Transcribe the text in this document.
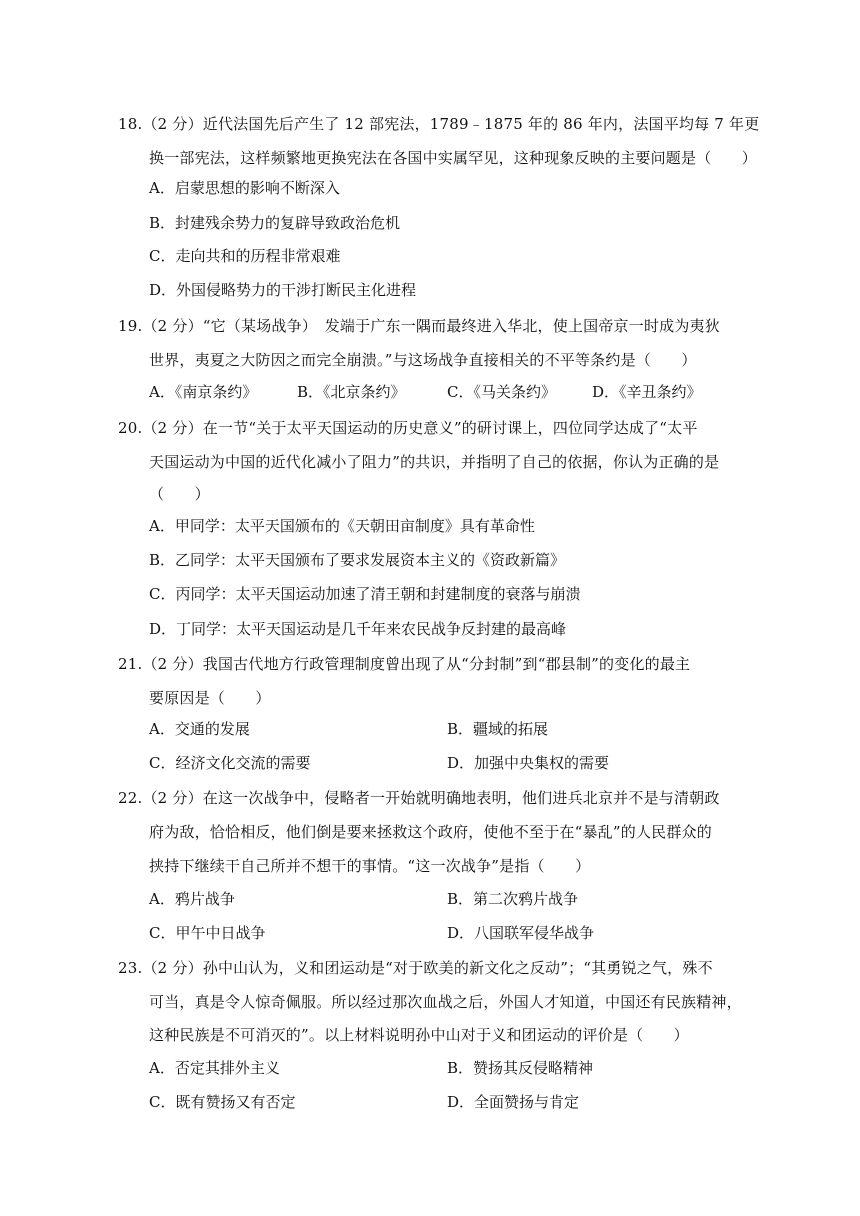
18.（2 分）近代法国先后产生了 12 部宪法，1789﹣1875 年的 86 年内，法国平均每 7 年更
换一部宪法，这样频繁地更换宪法在各国中实属罕见，这种现象反映的主要问题是（　　）
A．启蒙思想的影响不断深入
B．封建残余势力的复辟导致政治危机
C．走向共和的历程非常艰难
D．外国侵略势力的干涉打断民主化进程
19.（2 分）“它（某场战争）　发端于广东一隅而最终进入华北，使上国帝京一时成为夷狄
世界，夷夏之大防因之而完全崩溃。”与这场战争直接相关的不平等条约是（　　）
A．《南京条约》	B．《北京条约》	C．《马关条约》 D．《辛丑条约》
20.（2 分）在一节“关于太平天国运动的历史意义”的研讨课上，四位同学达成了“太平
天国运动为中国的近代化减小了阻力”的共识，并指明了自己的依据，你认为正确的是
（　　）
A．甲同学：太平天国颁布的《天朝田亩制度》具有革命性
B．乙同学：太平天国颁布了要求发展资本主义的《资政新篇》
C．丙同学：太平天国运动加速了清王朝和封建制度的衰落与崩溃
D．丁同学：太平天国运动是几千年来农民战争反封建的最高峰
21.（2 分）我国古代地方行政管理制度曾出现了从“分封制”到“郡县制”的变化的最主
要原因是（　　）
A．交通的发展	B．疆域的拓展
C．经济文化交流的需要	D．加强中央集权的需要
22.（2 分）在这一次战争中，侵略者一开始就明确地表明，他们进兵北京并不是与清朝政
府为敌，恰恰相反，他们倒是要来拯救这个政府，使他不至于在“暴乱”的人民群众的
挟持下继续干自己所并不想干的事情。“这一次战争”是指（　　）
A．鸦片战争	B．第二次鸦片战争
C．甲午中日战争	D．八国联军侵华战争
23.（2 分）孙中山认为，义和团运动是“对于欧美的新文化之反动”；“其勇锐之气，殊不
可当，真是令人惊奇佩服。所以经过那次血战之后，外国人才知道，中国还有民族精神，
这种民族是不可消灭的”。以上材料说明孙中山对于义和团运动的评价是（　　）
A．否定其排外主义	B．赞扬其反侵略精神
C．既有赞扬又有否定	D．全面赞扬与肯定
